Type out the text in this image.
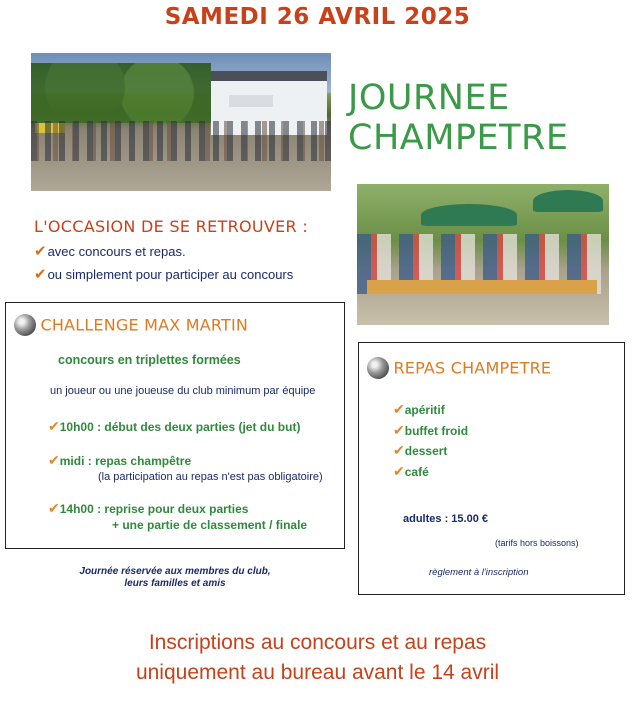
SAMEDI 26 AVRIL 2025
JOURNEE
CHAMPETRE
L'OCCASION DE SE RETROUVER :
✔avec concours et repas.
✔ou simplement pour participer au concours
CHALLENGE MAX MARTIN
concours en triplettes formées
un joueur ou une joueuse du club minimum par équipe
✔10h00 : début des deux parties (jet du but)
✔midi : repas champêtre
(la participation au repas n'est pas obligatoire)
✔14h00 : reprise pour deux parties
+ une partie de classement / finale
Journée réservée aux membres du club,
leurs familles et amis
REPAS CHAMPETRE
✔apéritif
✔buffet froid
✔dessert
✔café
adultes : 15.00 €
(tarifs hors boissons)
règlement à l'inscription
Inscriptions au concours et au repas
uniquement au bureau avant le 14 avril
